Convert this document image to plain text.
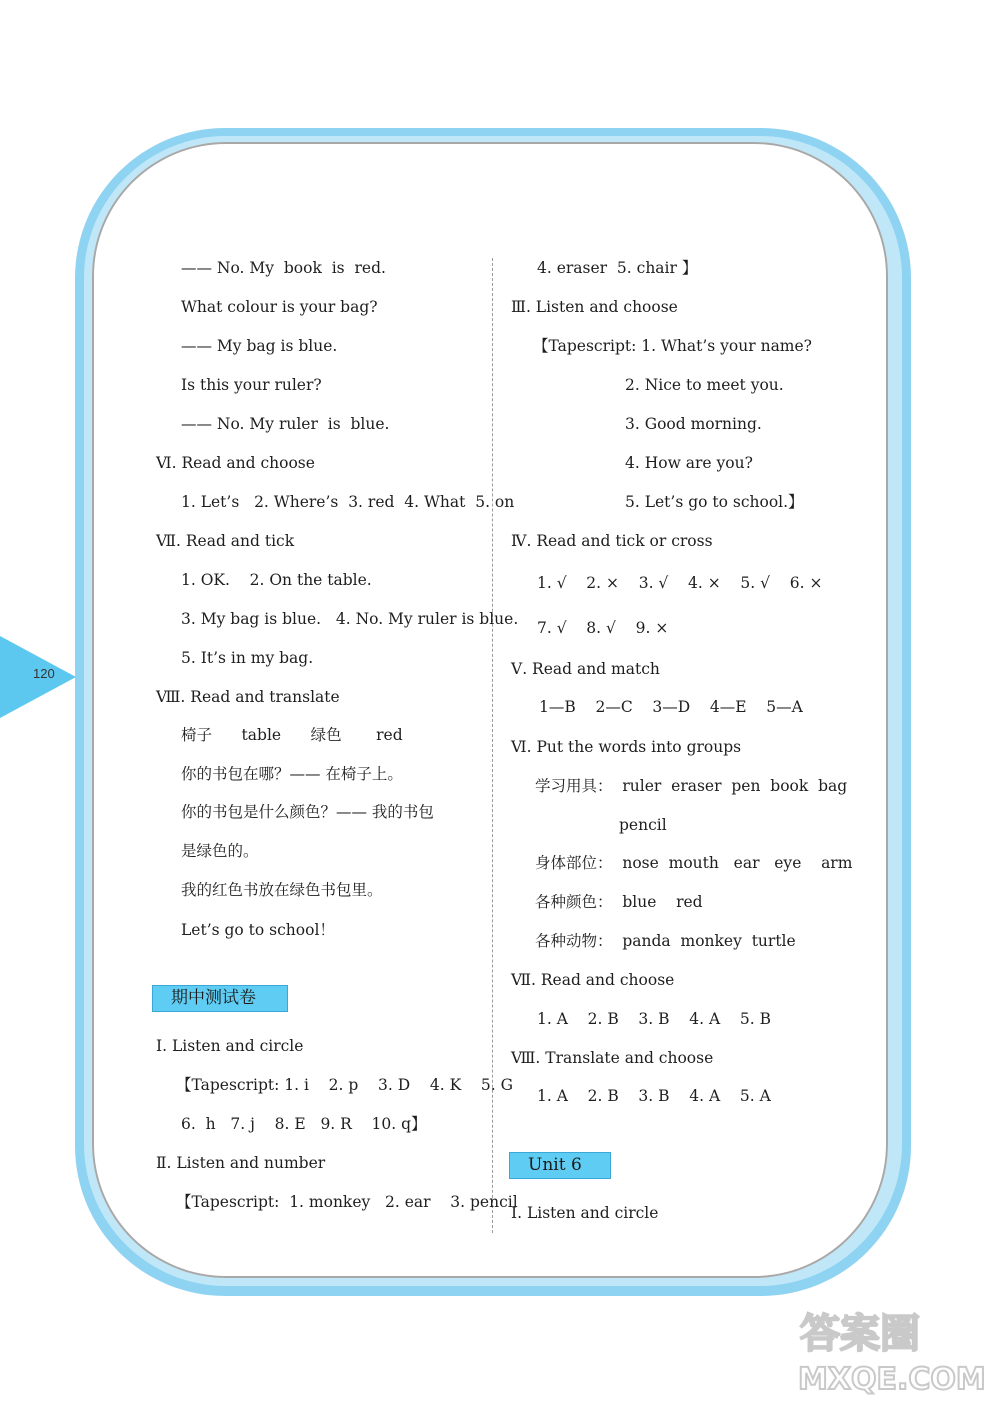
120
—— No. My  book  is  red.
What colour is your bag?
—— My bag is blue.
Is this your ruler?
—— No. My ruler  is  blue.
Ⅵ. Read and choose
1. Let’s   2. Where’s  3. red  4. What  5. on
Ⅶ. Read and tick
1. OK.    2. On the table.
3. My bag is blue.   4. No. My ruler is blue.
5. It’s in my bag.
Ⅷ. Read and translate
椅子      table      绿色       red
你的书包在哪？—— 在椅子上。
你的书包是什么颜色？—— 我的书包
是绿色的。
我的红色书放在绿色书包里。
Let’s go to school！
期中测试卷
Ⅰ. Listen and circle
【Tapescript: 1. i    2. p    3. D    4. K    5. G
6.  h   7. j    8. E   9. R    10. q】
Ⅱ. Listen and number
【Tapescript:  1. monkey   2. ear    3. pencil
4. eraser  5. chair 】
Ⅲ. Listen and choose
【Tapescript: 1. What’s your name?
2. Nice to meet you.
3. Good morning.
4. How are you?
5. Let’s go to school.】
Ⅳ. Read and tick or cross
1. √    2. ×    3. √    4. ×    5. √    6. ×
7. √    8. √    9. ×
Ⅴ. Read and match
1—B    2—C    3—D    4—E    5—A
Ⅵ. Put the words into groups
学习用具：  ruler  eraser  pen  book  bag
pencil
身体部位：  nose  mouth   ear   eye    arm
各种颜色：  blue    red
各种动物：  panda  monkey  turtle
Ⅶ. Read and choose
1. A    2. B    3. B    4. A    5. B
Ⅷ. Translate and choose
1. A    2. B    3. B    4. A    5. A
Unit 6
Ⅰ. Listen and circle
答案圈
MXQE.COM
